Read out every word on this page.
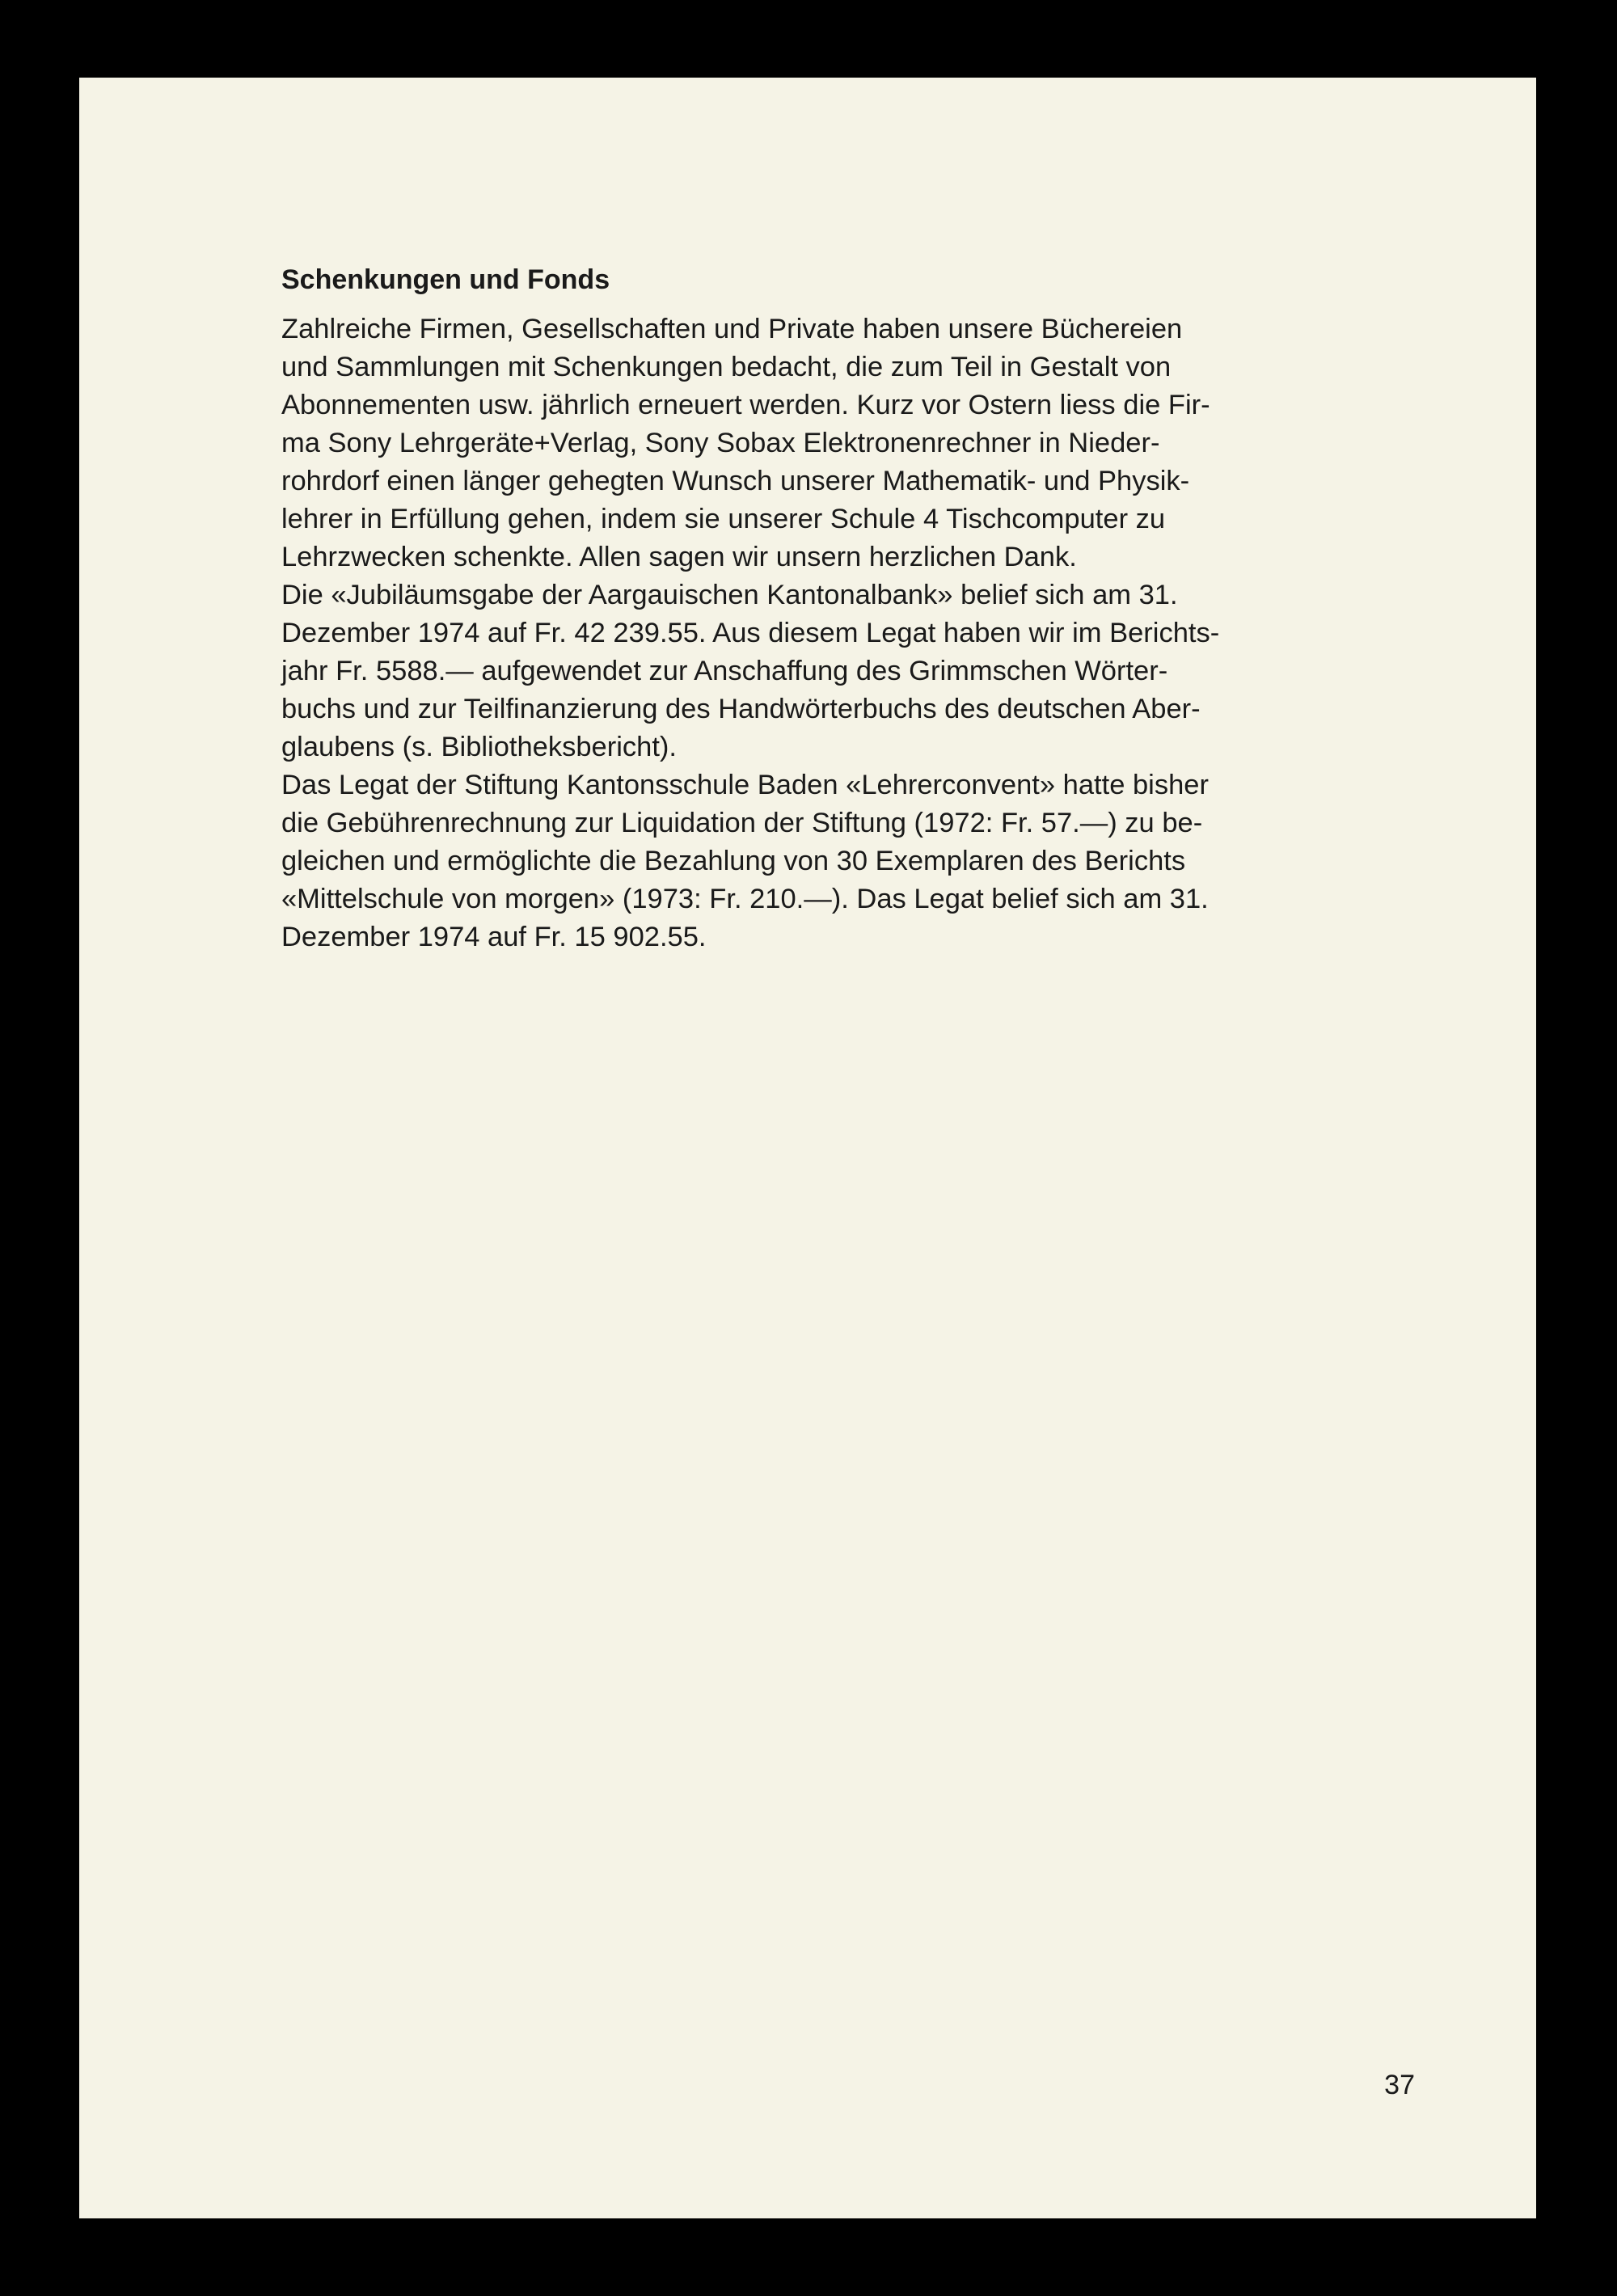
Schenkungen und Fonds
Zahlreiche Firmen, Gesellschaften und Private haben unsere Büchereien
und Sammlungen mit Schenkungen bedacht, die zum Teil in Gestalt von
Abonnementen usw. jährlich erneuert werden. Kurz vor Ostern liess die Fir-
ma Sony Lehrgeräte+Verlag, Sony Sobax Elektronenrechner in Nieder-
rohrdorf einen länger gehegten Wunsch unserer Mathematik- und Physik-
lehrer in Erfüllung gehen, indem sie unserer Schule 4 Tischcomputer zu
Lehrzwecken schenkte. Allen sagen wir unsern herzlichen Dank.
Die «Jubiläumsgabe der Aargauischen Kantonalbank» belief sich am 31.
Dezember 1974 auf Fr. 42 239.55. Aus diesem Legat haben wir im Berichts-
jahr Fr. 5588.— aufgewendet zur Anschaffung des Grimmschen Wörter-
buchs und zur Teilfinanzierung des Handwörterbuchs des deutschen Aber-
glaubens (s. Bibliotheksbericht).
Das Legat der Stiftung Kantonsschule Baden «Lehrerconvent» hatte bisher
die Gebührenrechnung zur Liquidation der Stiftung (1972: Fr. 57.—) zu be-
gleichen und ermöglichte die Bezahlung von 30 Exemplaren des Berichts
«Mittelschule von morgen» (1973: Fr. 210.—). Das Legat belief sich am 31.
Dezember 1974 auf Fr. 15 902.55.
37
